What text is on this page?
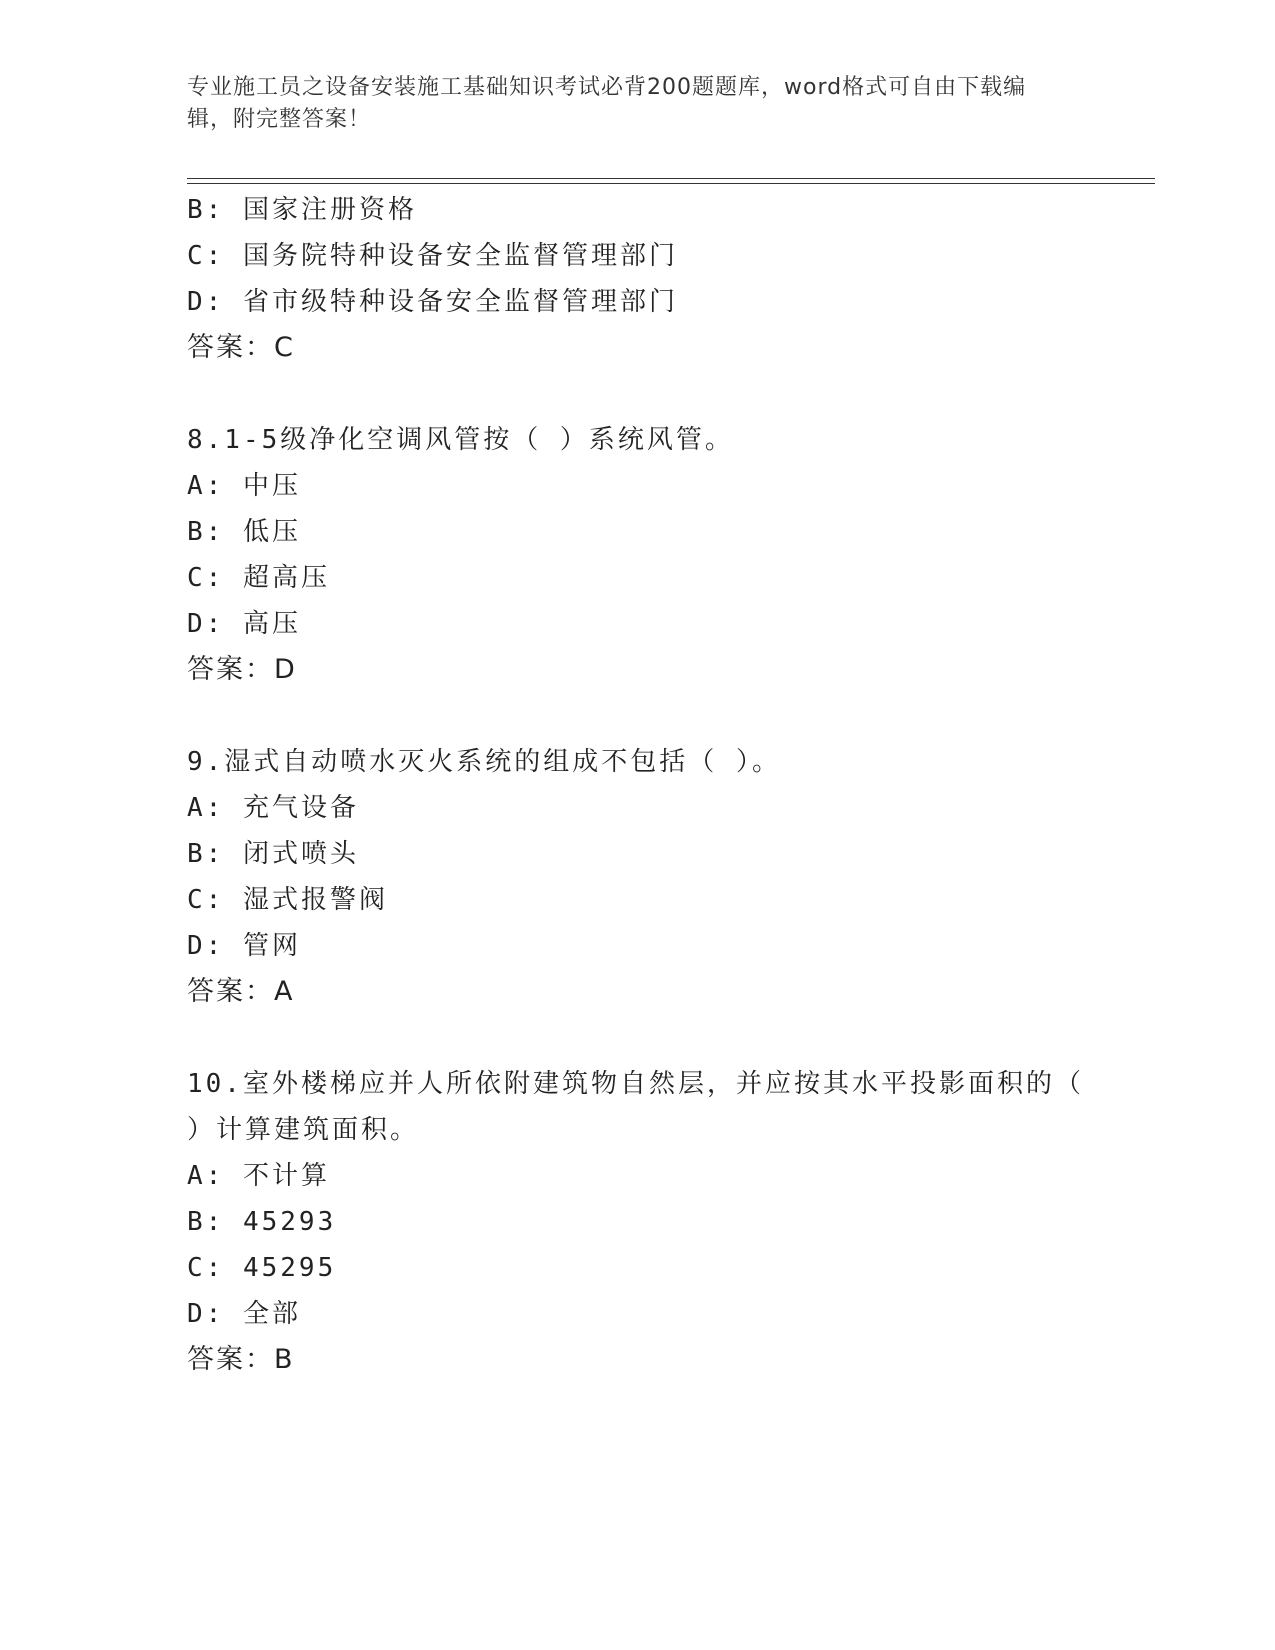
专业施工员之设备安装施工基础知识考试必背200题题库，word格式可自由下载编辑，附完整答案！
B: 国家注册资格
C: 国务院特种设备安全监督管理部门
D: 省市级特种设备安全监督管理部门
答案：C
8.1-5级净化空调风管按（ ）系统风管。
A: 中压
B: 低压
C: 超高压
D: 高压
答案：D
9.湿式自动喷水灭火系统的组成不包括（ ）。
A: 充气设备
B: 闭式喷头
C: 湿式报警阀
D: 管网
答案：A
10.室外楼梯应并人所依附建筑物自然层，并应按其水平投影面积的（ ）计算建筑面积。
A: 不计算
B: 45293
C: 45295
D: 全部
答案：B
